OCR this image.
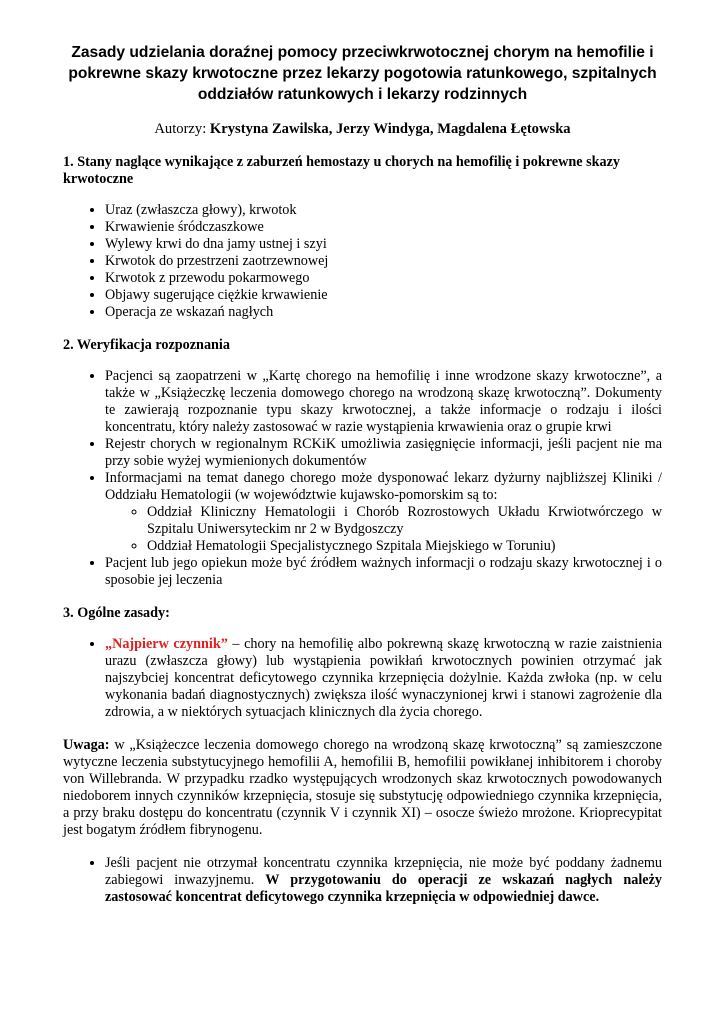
Zasady udzielania doraźnej pomocy przeciwkrwotocznej chorym na hemofilie i pokrewne skazy krwotoczne przez lekarzy pogotowia ratunkowego, szpitalnych oddziałów ratunkowych i lekarzy rodzinnych
Autorzy: Krystyna Zawilska, Jerzy Windyga, Magdalena Łętowska
1. Stany naglące wynikające z zaburzeń hemostazy u chorych na hemofilię i pokrewne skazy krwotoczne
• Uraz (zwłaszcza głowy), krwotok
• Krwawienie śródczaszkowe
• Wylewy krwi do dna jamy ustnej i szyi
• Krwotok do przestrzeni zaotrzewnowej
• Krwotok z przewodu pokarmowego
• Objawy sugerujące ciężkie krwawienie
• Operacja ze wskazań nagłych
2. Weryfikacja rozpoznania
• Pacjenci są zaopatrzeni w „Kartę chorego na hemofilię i inne wrodzone skazy krwotoczne”, a także w „Książeczkę leczenia domowego chorego na wrodzoną skazę krwotoczną”. Dokumenty te zawierają rozpoznanie typu skazy krwotocznej, a także informacje o rodzaju i ilości koncentratu, który należy zastosować w razie wystąpienia krwawienia oraz o grupie krwi
• Rejestr chorych w regionalnym RCKiK umożliwia zasięgnięcie informacji, jeśli pacjent nie ma przy sobie wyżej wymienionych dokumentów
• Informacjami na temat danego chorego może dysponować lekarz dyżurny najbliższej Kliniki / Oddziału Hematologii (w województwie kujawsko-pomorskim są to:
◦ Oddział Kliniczny Hematologii i Chorób Rozrostowych Układu Krwiotwórczego w Szpitalu Uniwersyteckim nr 2 w Bydgoszczy
◦ Oddział Hematologii Specjalistycznego Szpitala Miejskiego w Toruniu)
• Pacjent lub jego opiekun może być źródłem ważnych informacji o rodzaju skazy krwotocznej i o sposobie jej leczenia
3. Ogólne zasady:
• „Najpierw czynnik” – chory na hemofilię albo pokrewną skazę krwotoczną w razie zaistnienia urazu (zwłaszcza głowy) lub wystąpienia powikłań krwotocznych powinien otrzymać jak najszybciej koncentrat deficytowego czynnika krzepnięcia dożylnie. Każda zwłoka (np. w celu wykonania badań diagnostycznych) zwiększa ilość wynaczynionej krwi i stanowi zagrożenie dla zdrowia, a w niektórych sytuacjach klinicznych dla życia chorego.

Uwaga: w „Książeczce leczenia domowego chorego na wrodzoną skazę krwotoczną” są zamieszczone wytyczne leczenia substytucyjnego hemofilii A, hemofilii B, hemofilii powikłanej inhibitorem i choroby von Willebranda. W przypadku rzadko występujących wrodzonych skaz krwotocznych powodowanych niedoborem innych czynników krzepnięcia, stosuje się substytucję odpowiedniego czynnika krzepnięcia, a przy braku dostępu do koncentratu (czynnik V i czynnik XI) – osocze świeżo mrożone. Krioprecypitat jest bogatym źródłem fibrynogenu.

• Jeśli pacjent nie otrzymał koncentratu czynnika krzepnięcia, nie może być poddany żadnemu zabiegowi inwazyjnemu. W przygotowaniu do operacji ze wskazań nagłych należy zastosować koncentrat deficytowego czynnika krzepnięcia w odpowiedniej dawce.
